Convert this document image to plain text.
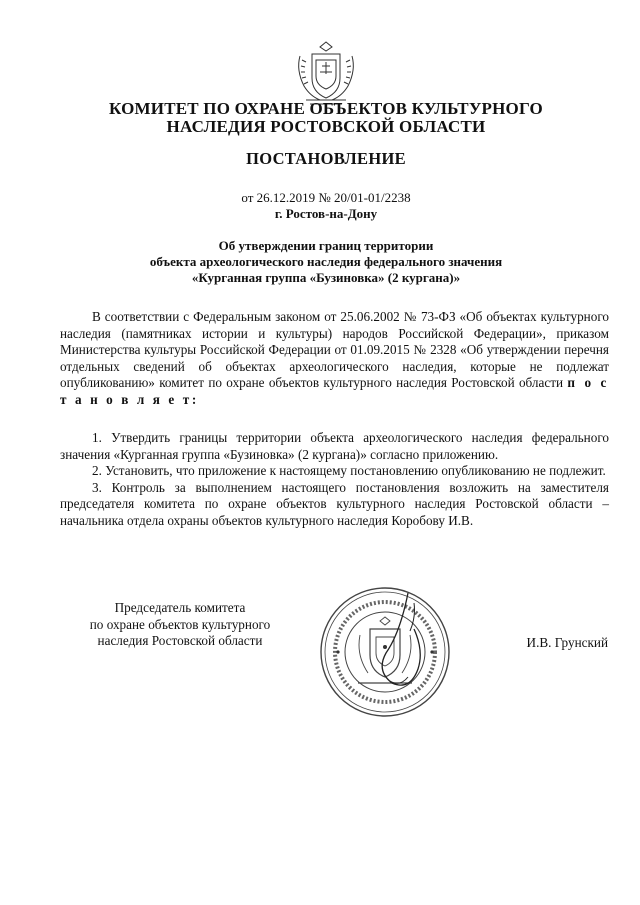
КОМИТЕТ ПО ОХРАНЕ ОБЪЕКТОВ КУЛЬТУРНОГО
НАСЛЕДИЯ РОСТОВСКОЙ ОБЛАСТИ
ПОСТАНОВЛЕНИЕ
от 26.12.2019 № 20/01-01/2238
г. Ростов-на-Дону
Об утверждении границ территории
объекта археологического наследия федерального значения
«Курганная группа «Бузиновка» (2 кургана)»

В соответствии с Федеральным законом от 25.06.2002 № 73-ФЗ «Об объектах культурного наследия (памятниках истории и культуры) народов Российской Федерации», приказом Министерства культуры Российской Федерации от 01.09.2015 № 2328 «Об утверждении перечня отдельных сведений об объектах археологического наследия, которые не подлежат опубликованию» комитет по охране объектов культурного наследия Ростовской области п о с т а н о в л я е т:

1. Утвердить границы территории объекта археологического наследия федерального значения «Курганная группа «Бузиновка» (2 кургана)» согласно приложению.

2. Установить, что приложение к настоящему постановлению опубликованию не подлежит.

3. Контроль за выполнением настоящего постановления возложить на заместителя председателя комитета по охране объектов культурного наследия Ростовской области – начальника отдела охраны объектов культурного наследия Коробову И.В.

Председатель комитета
по охране объектов культурного
наследия Ростовской области	И.В. Грунский
